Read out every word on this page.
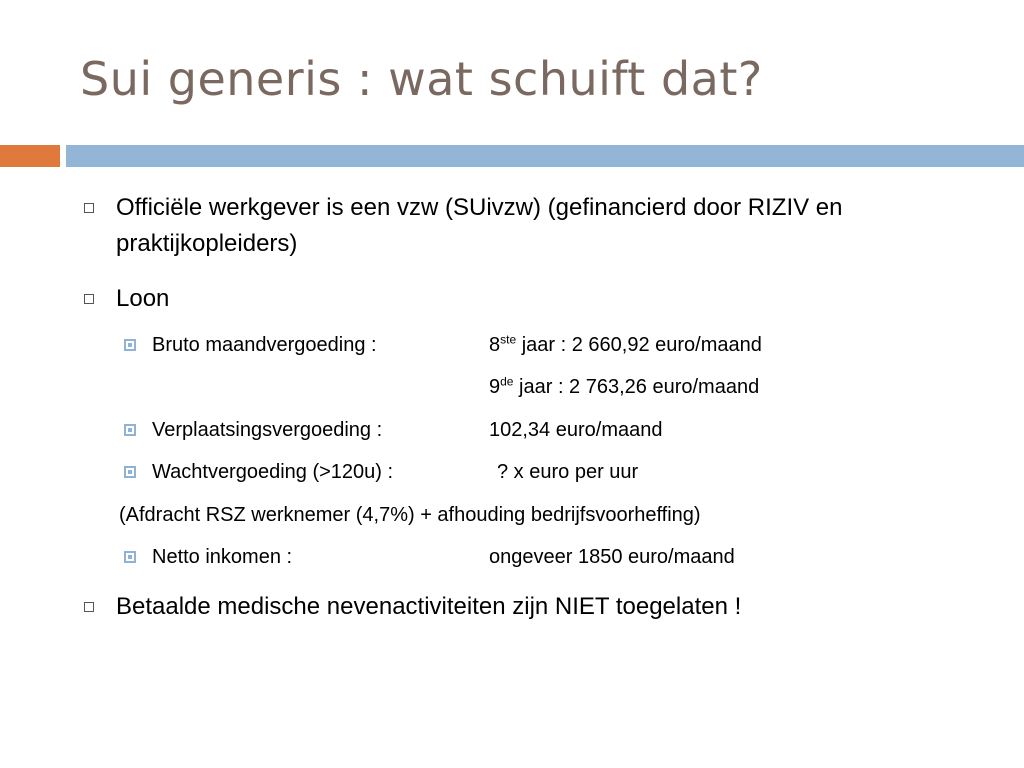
Sui generis : wat schuift dat?
Officiële werkgever is een vzw (SUivzw) (gefinancierd door RIZIV en praktijkopleiders)
Loon
Bruto maandvergoeding :	8ste jaar : 2 660,92 euro/maand
9de jaar : 2 763,26 euro/maand
Verplaatsingsvergoeding :	102,34 euro/maand
Wachtvergoeding (>120u) :	? x euro per uur
(Afdracht RSZ werknemer (4,7%) + afhouding bedrijfsvoorheffing)
Netto inkomen :	ongeveer 1850 euro/maand
Betaalde medische nevenactiviteiten zijn NIET toegelaten !
